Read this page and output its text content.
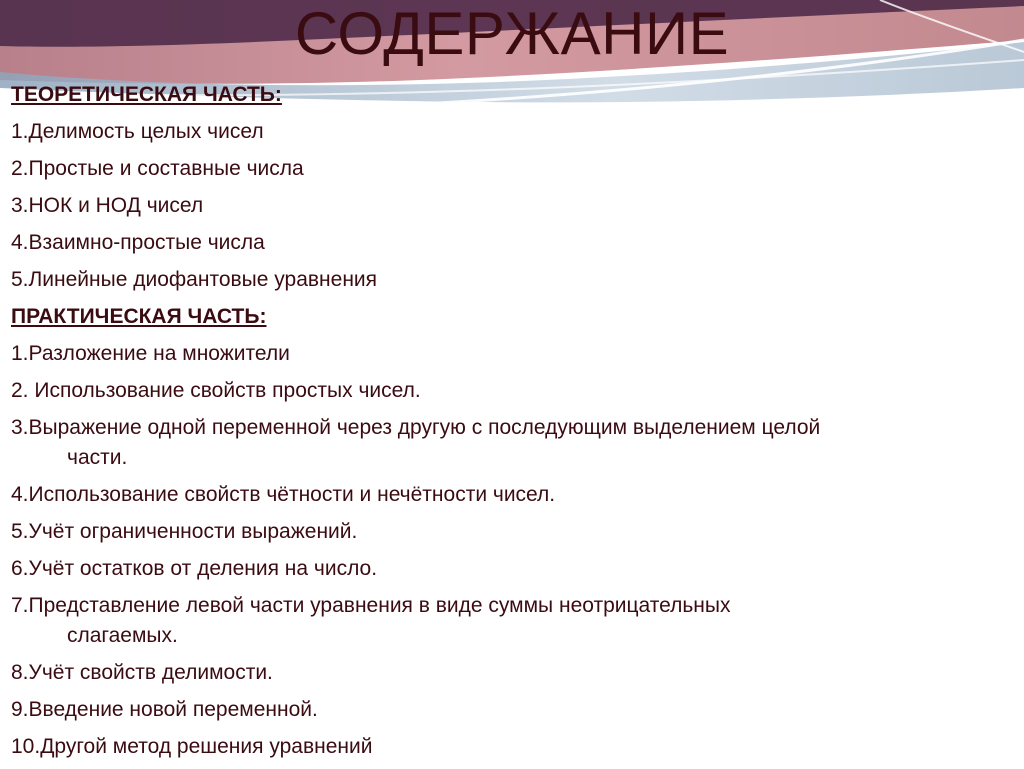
СОДЕРЖАНИЕ
ТЕОРЕТИЧЕСКАЯ ЧАСТЬ:
1.Делимость целых чисел
2.Простые и составные числа
3.НОК и НОД чисел
4.Взаимно-простые числа
5.Линейные диофантовые уравнения
ПРАКТИЧЕСКАЯ ЧАСТЬ:
1.Разложение на множители
2. Использование свойств простых чисел.
3.Выражение одной переменной через другую с последующим выделением целой
части.
4.Использование свойств чётности и нечётности чисел.
5.Учёт ограниченности выражений.
6.Учёт остатков от деления на число.
7.Представление левой части уравнения в виде суммы неотрицательных
слагаемых.
8.Учёт свойств делимости.
9.Введение новой переменной.
10.Другой метод решения уравнений
